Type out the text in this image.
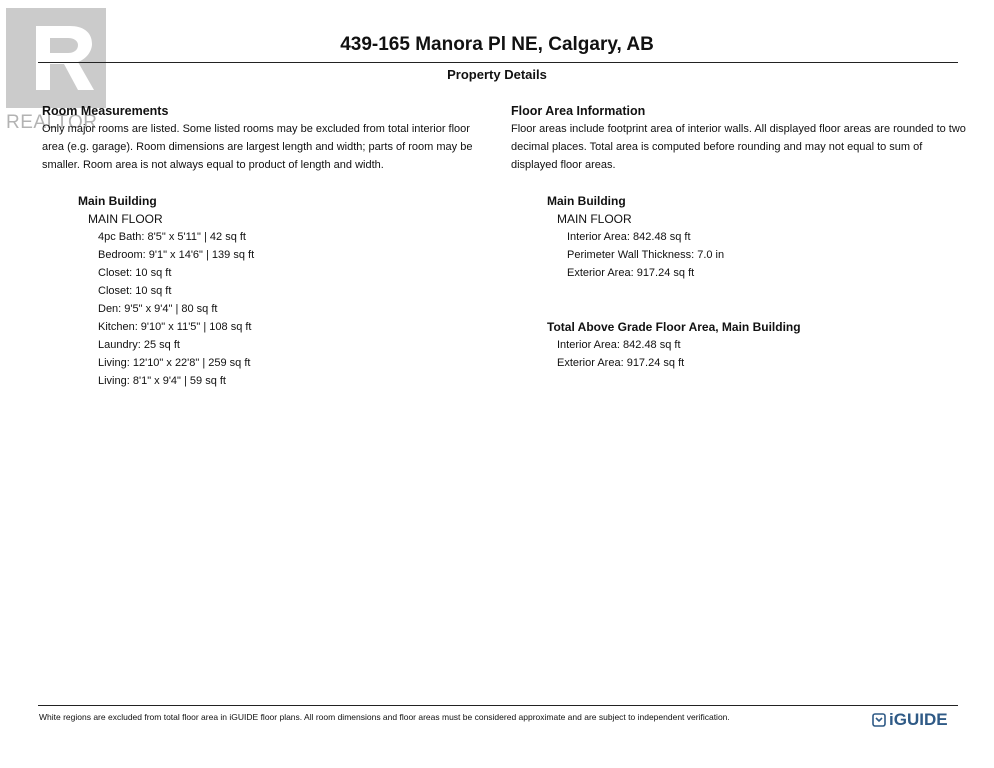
REALTOR
439-165 Manora Pl NE, Calgary, AB
Property Details
Room Measurements
Only major rooms are listed. Some listed rooms may be excluded from total interior floor area (e.g. garage). Room dimensions are largest length and width; parts of room may be smaller. Room area is not always equal to product of length and width.
Main Building
MAIN FLOOR
4pc Bath: 8'5" x 5'11" | 42 sq ft
Bedroom: 9'1" x 14'6" | 139 sq ft
Closet: 10 sq ft
Closet: 10 sq ft
Den: 9'5" x 9'4" | 80 sq ft
Kitchen: 9'10" x 11'5" | 108 sq ft
Laundry: 25 sq ft
Living: 12'10" x 22'8" | 259 sq ft
Living: 8'1" x 9'4" | 59 sq ft
Floor Area Information
Floor areas include footprint area of interior walls. All displayed floor areas are rounded to two decimal places. Total area is computed before rounding and may not equal to sum of displayed floor areas.
Main Building
MAIN FLOOR
Interior Area: 842.48 sq ft
Perimeter Wall Thickness: 7.0 in
Exterior Area: 917.24 sq ft
Total Above Grade Floor Area, Main Building
Interior Area: 842.48 sq ft
Exterior Area: 917.24 sq ft
White regions are excluded from total floor area in iGUIDE floor plans. All room dimensions and floor areas must be considered approximate and are subject to independent verification.	iGUIDE
